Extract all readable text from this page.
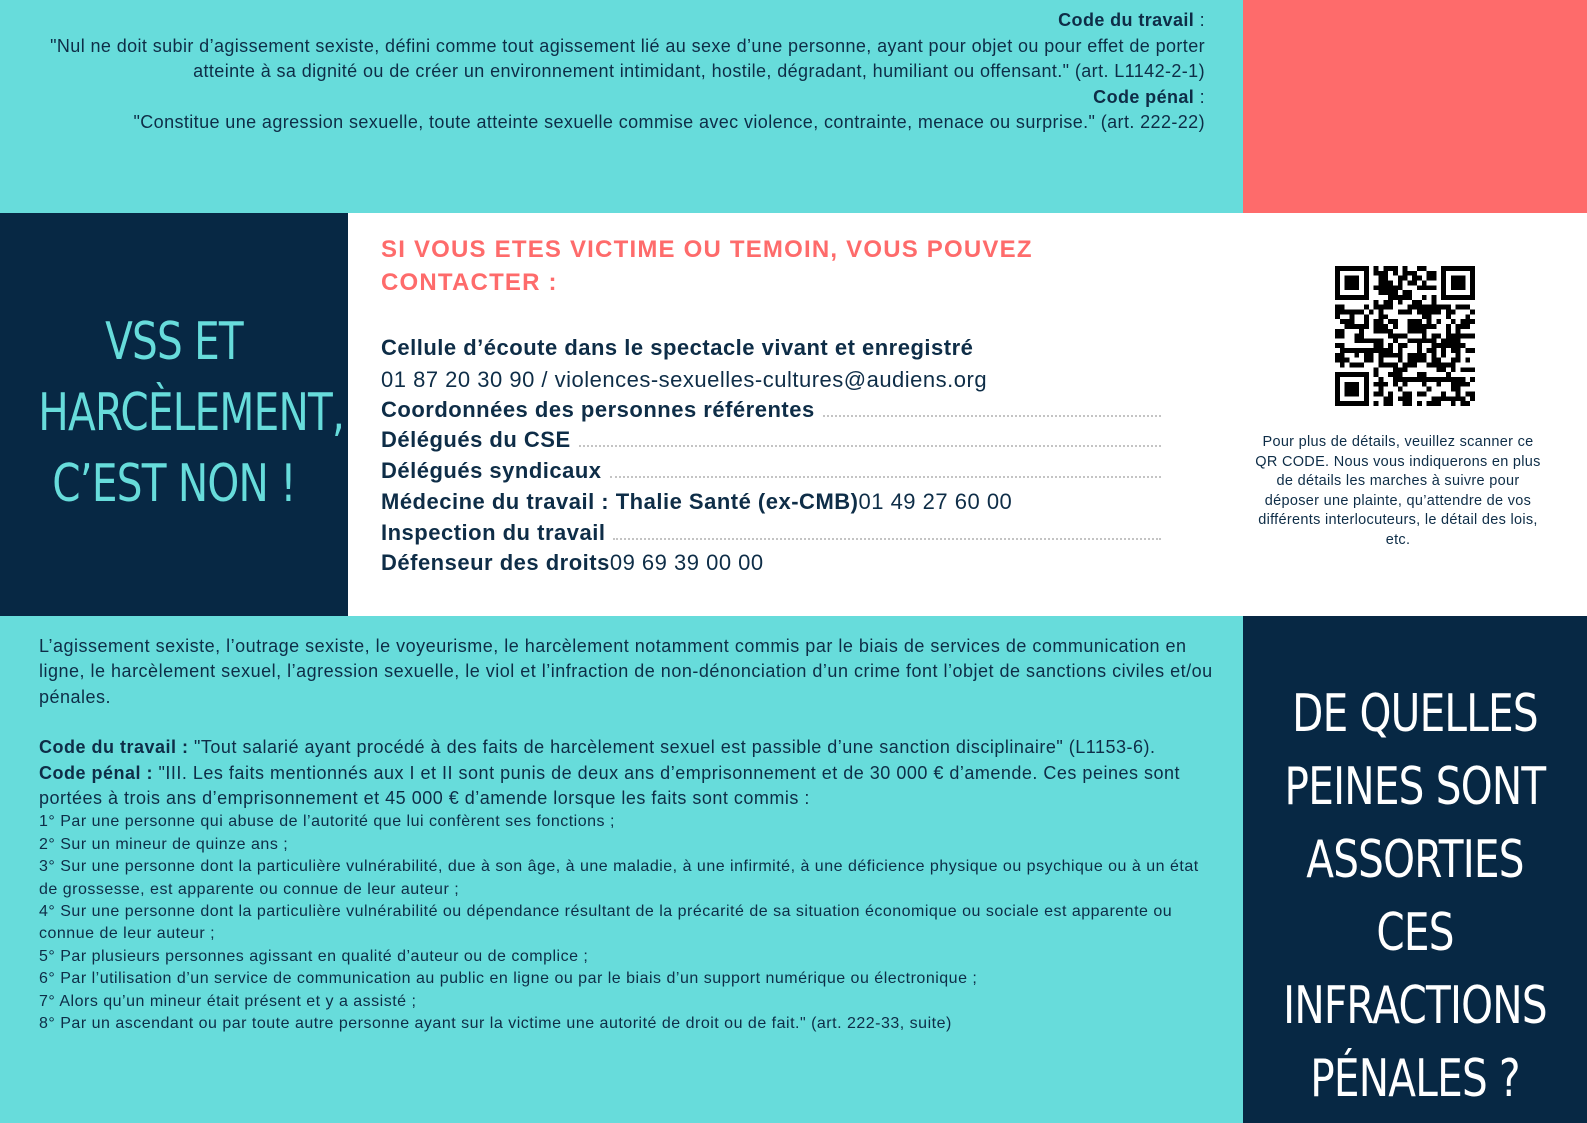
Code du travail :
"Nul ne doit subir d’agissement sexiste, défini comme tout agissement lié au sexe d’une personne, ayant pour objet ou pour effet de porter atteinte à sa dignité ou de créer un environnement intimidant, hostile, dégradant, humiliant ou offensant." (art. L1142-2-1)
Code pénal :
"Constitue une agression sexuelle, toute atteinte sexuelle commise avec violence, contrainte, menace ou surprise." (art. 222-22)
VSS ET
HARCÈLEMENT,
C’EST NON !
SI VOUS ETES VICTIME OU TEMOIN, VOUS POUVEZ
CONTACTER :
Cellule d’écoute dans le spectacle vivant et enregistré
01 87 20 30 90 / violences-sexuelles-cultures@audiens.org
Coordonnées des personnes référentes
Délégués du CSE
Délégués syndicaux
Médecine du travail : Thalie Santé (ex-CMB) 01 49 27 60 00
Inspection du travail
Défenseur des droits 09 69 39 00 00
Pour plus de détails, veuillez scanner ce QR CODE. Nous vous indiquerons en plus de détails les marches à suivre pour déposer une plainte, qu’attendre de vos différents interlocuteurs, le détail des lois, etc.

L’agissement sexiste, l’outrage sexiste, le voyeurisme, le harcèlement notamment commis par le biais de services de communication en ligne, le harcèlement sexuel, l’agression sexuelle, le viol et l’infraction de non-dénonciation d’un crime font l’objet de sanctions civiles et/ou pénales.

Code du travail : "Tout salarié ayant procédé à des faits de harcèlement sexuel est passible d’une sanction disciplinaire" (L1153-6).

Code pénal : "III. Les faits mentionnés aux I et II sont punis de deux ans d’emprisonnement et de 30 000 € d’amende. Ces peines sont portées à trois ans d’emprisonnement et 45 000 € d’amende lorsque les faits sont commis :

1° Par une personne qui abuse de l’autorité que lui confèrent ses fonctions ;
2° Sur un mineur de quinze ans ;
3° Sur une personne dont la particulière vulnérabilité, due à son âge, à une maladie, à une infirmité, à une déficience physique ou psychique ou à un état de grossesse, est apparente ou connue de leur auteur ;
4° Sur une personne dont la particulière vulnérabilité ou dépendance résultant de la précarité de sa situation économique ou sociale est apparente ou connue de leur auteur ;
5° Par plusieurs personnes agissant en qualité d’auteur ou de complice ;
6° Par l’utilisation d’un service de communication au public en ligne ou par le biais d’un support numérique ou électronique ;
7° Alors qu’un mineur était présent et y a assisté ;
8° Par un ascendant ou par toute autre personne ayant sur la victime une autorité de droit ou de fait." (art. 222-33, suite)
DE QUELLES
PEINES SONT
ASSORTIES CES
INFRACTIONS
PÉNALES ?
